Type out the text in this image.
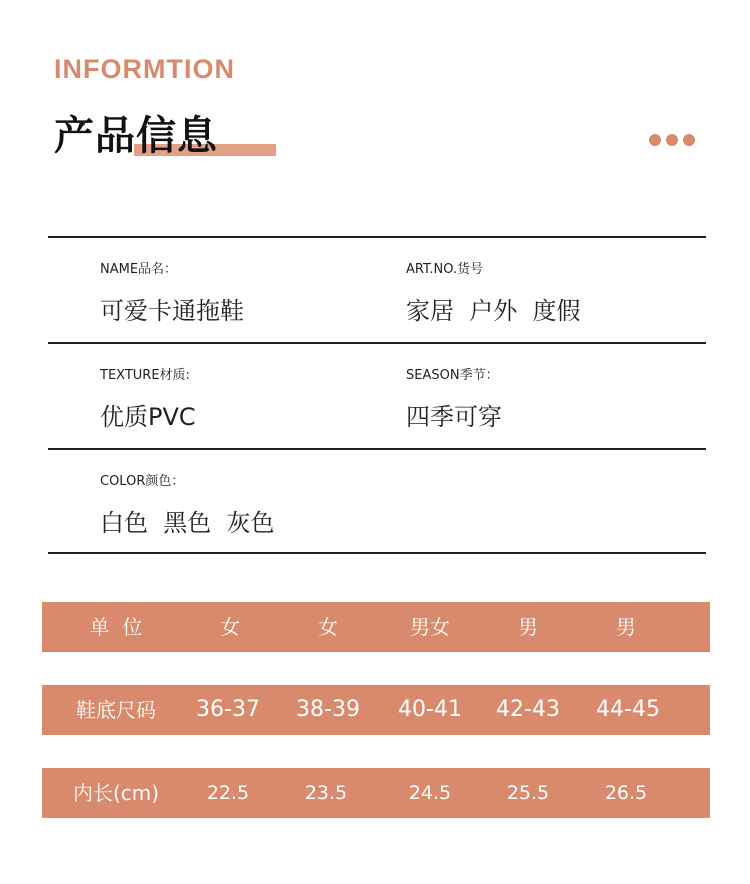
INFORMTION
产品信息
NAME品名：
可爱卡通拖鞋
ART.NO.货号
家居  户外  度假
TEXTURE材质:
优质PVC
SEASON季节：
四季可穿
COLOR颜色：
白色  黑色  灰色
单  位	女	女	男女	男	男
鞋底尺码	36-37	38-39	40-41	42-43	44-45
内长(cm)	22.5	23.5	24.5	25.5	26.5
